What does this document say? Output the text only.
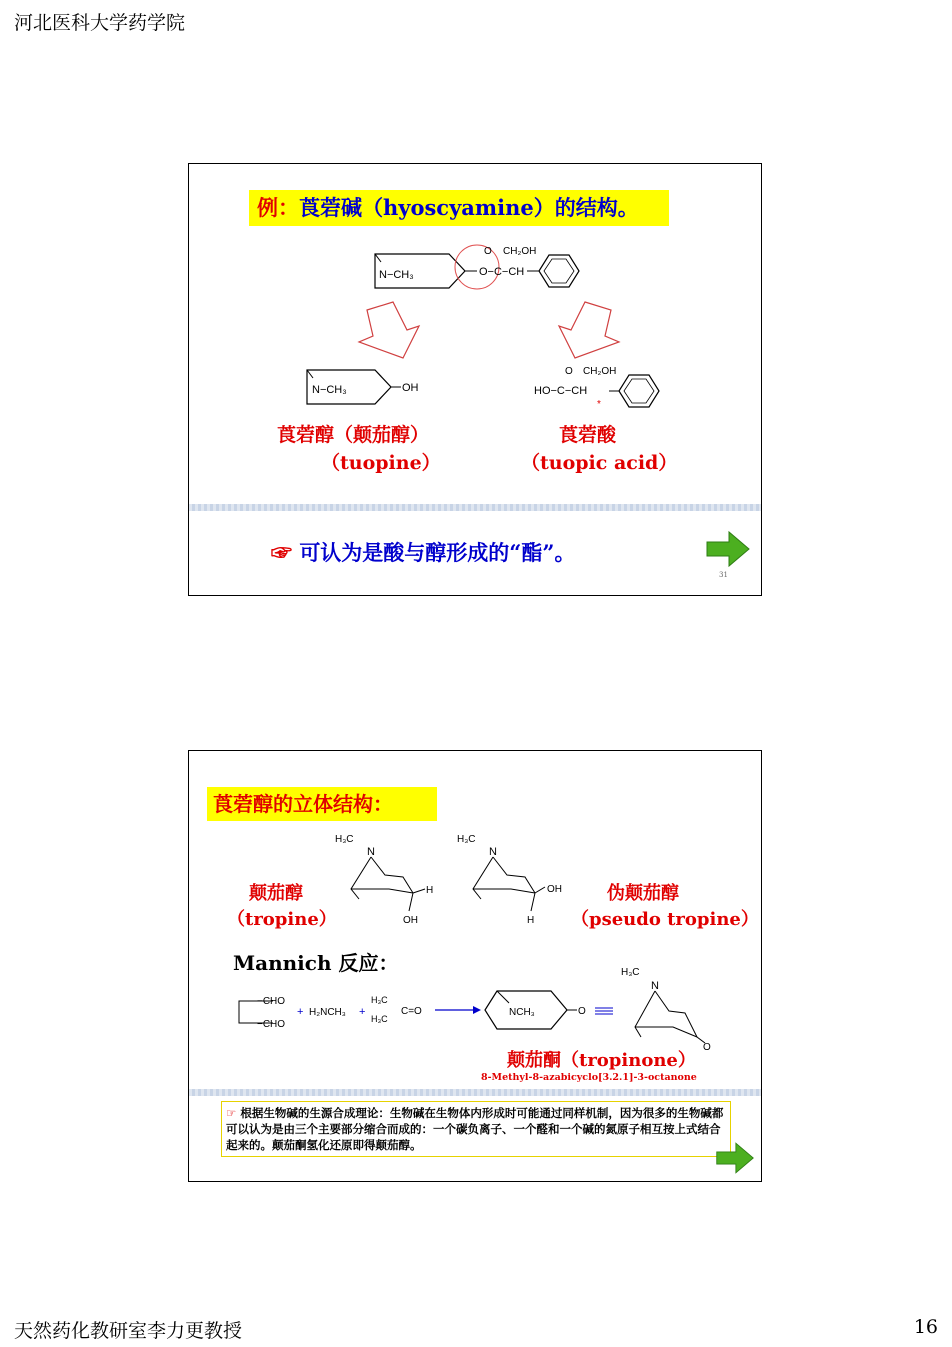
河北医科大学药学院
例：莨菪碱（hyoscyamine）的结构。
N−CH₃	O−C−CH
O CH₂OH
N−CH₃	OH
O CH₂OH
HO−C−CH
*
莨菪醇（颠茄醇）
（tuopine）
莨菪酸
（tuopic acid）
☞ 可认为是酸与醇形成的“酯”。
31
莨菪醇的立体结构：
H₃C
N
H
OH
H₃C
N
OH
H
−CHO
−CHO
+ H₂NCH₃ +
H₃C
H₃C
C=O	NCH₃	O
H₃C
N
O
颠茄醇
（tropine）
伪颠茄醇
（pseudo tropine）
Mannich 反应：
颠茄酮（tropinone）
8-Methyl-8-azabicyclo[3.2.1]-3-octanone
☞ 根据生物碱的生源合成理论：生物碱在生物体内形成时可能通过同样机制，因为很多的生物碱都可以认为是由三个主要部分缩合而成的：一个碳负离子、一个醛和一个碱的氮原子相互按上式结合起来的。颠茄酮氢化还原即得颠茄醇。
天然药化教研室李力更教授	16
